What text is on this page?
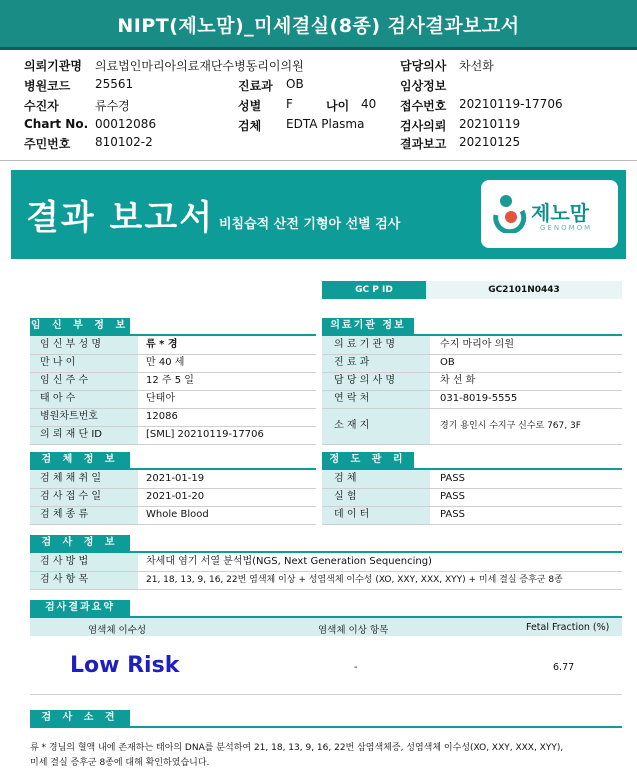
NIPT(제노맘)_미세결실(8종) 검사결과보고서
의뢰기관명 의료법인마리아의료재단수병동리이의원
병원코드 25561
수진자	류수경
Chart No. 00012086
주민번호 810102-2
진료과 OB
성별 F	나이 40
검체 EDTA Plasma
담당의사 차선화
임상정보
접수번호 20210119-17706
검사의뢰 20210119
결과보고 20210125
결과 보고서 비침습적 산전 기형아 선별 검사	제노맘
GENOMOM
GC P ID	GC2101N0443
임 신 부 정 보
임 신 부 성 명	류 * 경
만 나 이	만 40 세
임 신 주 수	12 주 5 일
태 아 수	단태아
병원차트번호	12086
의 뢰 재 단 ID	[SML] 20210119-17706
의료기관 정보
의 료 기 관 명	수지 마리아 의원
진 료 과	OB
담 당 의 사 명	차 선 화
연 락 처	031-8019-5555
소 재 지	경기 용인시 수지구 신수로 767, 3F
검 체 정 보
검 체 채 취 일	2021-01-19
검 사 접 수 일	2021-01-20
검 체 종 류	Whole Blood
정 도 관 리
검 체	PASS
실 험	PASS
데 이 터	PASS
검 사 정 보
검 사 방 법	차세대 염기 서열 분석법(NGS, Next Generation Sequencing)
검 사 항 목	21, 18, 13, 9, 16, 22번 염색체 이상 + 성염색체 이수성 (XO, XXY, XXX, XYY) + 미세 결실 증후군 8종
검사결과요약
염색체 이수성	염색체 이상 항목	Fetal Fraction (%)
Low Risk	-	6.77
검 사 소 견
류 * 경님의 혈액 내에 존재하는 태아의 DNA를 분석하여 21, 18, 13, 9, 16, 22번 삼염색체증, 성염색체 이수성(XO, XXY, XXX, XYY),
미세 결실 증후군 8종에 대해 확인하였습니다.
